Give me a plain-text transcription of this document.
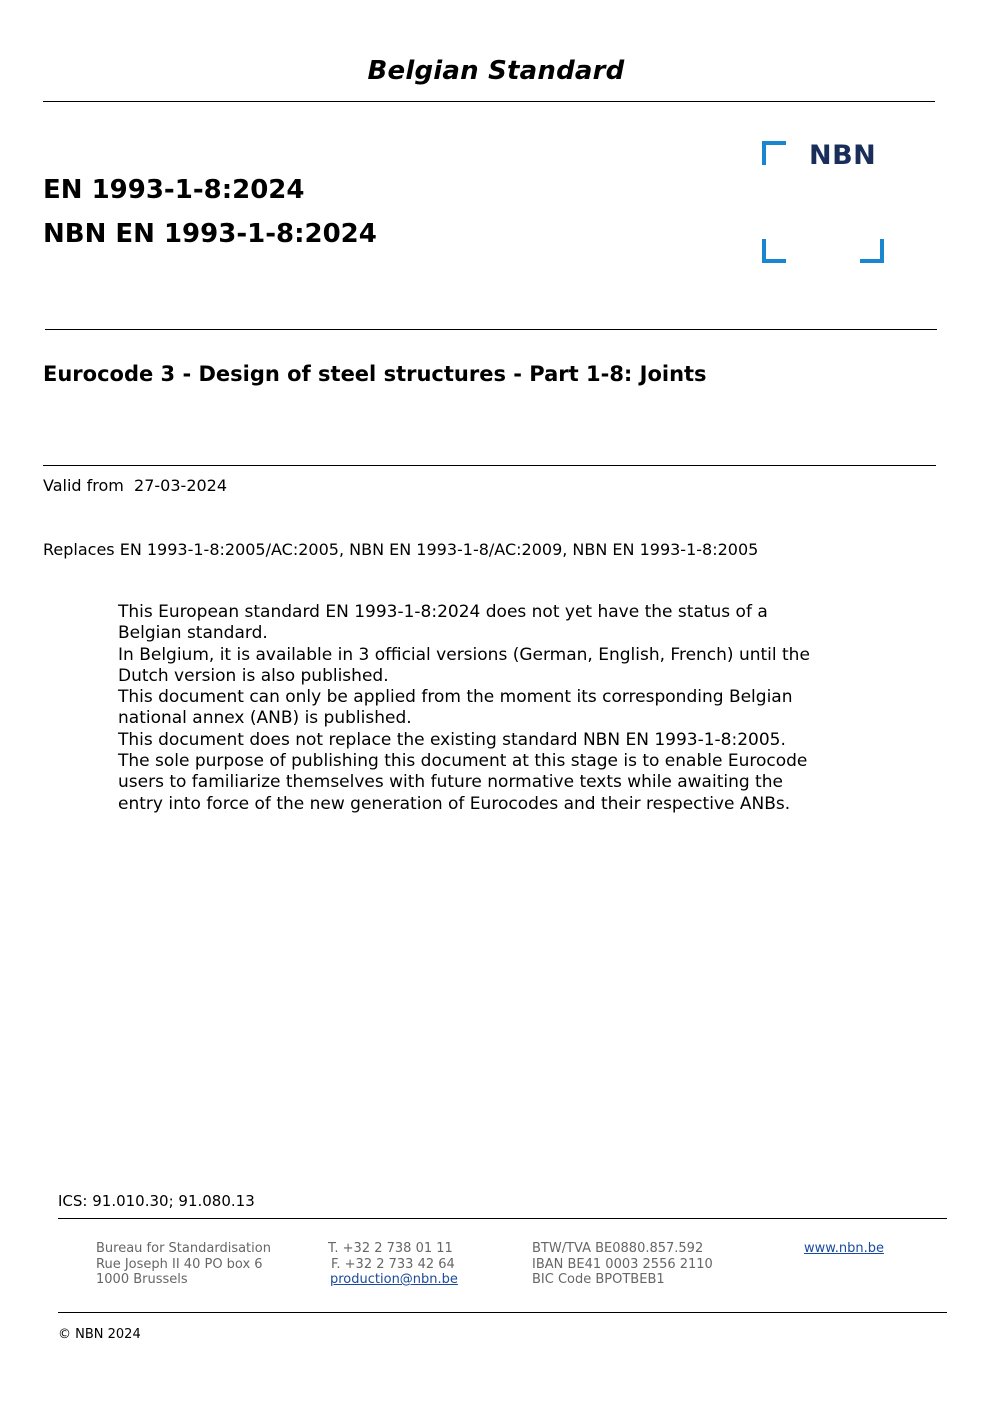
Belgian Standard
EN 1993-1-8:2024
NBN EN 1993-1-8:2024
NBN
Eurocode 3 - Design of steel structures - Part 1-8: Joints
Valid from 27-03-2024
Replaces EN 1993-1-8:2005/AC:2005, NBN EN 1993-1-8/AC:2009, NBN EN 1993-1-8:2005
This European standard EN 1993-1-8:2024 does not yet have the status of a
Belgian standard.
In Belgium, it is available in 3 official versions (German, English, French) until the
Dutch version is also published.
This document can only be applied from the moment its corresponding Belgian
national annex (ANB) is published.
This document does not replace the existing standard NBN EN 1993-1-8:2005.
The sole purpose of publishing this document at this stage is to enable Eurocode
users to familiarize themselves with future normative texts while awaiting the
entry into force of the new generation of Eurocodes and their respective ANBs.
ICS: 91.010.30; 91.080.13
Bureau for Standardisation
Rue Joseph II 40 PO box 6
1000 Brussels
T. +32 2 738 01 11
F. +32 2 733 42 64
production@nbn.be
BTW/TVA BE0880.857.592
IBAN BE41 0003 2556 2110
BIC Code BPOTBEB1
www.nbn.be
© NBN 2024
